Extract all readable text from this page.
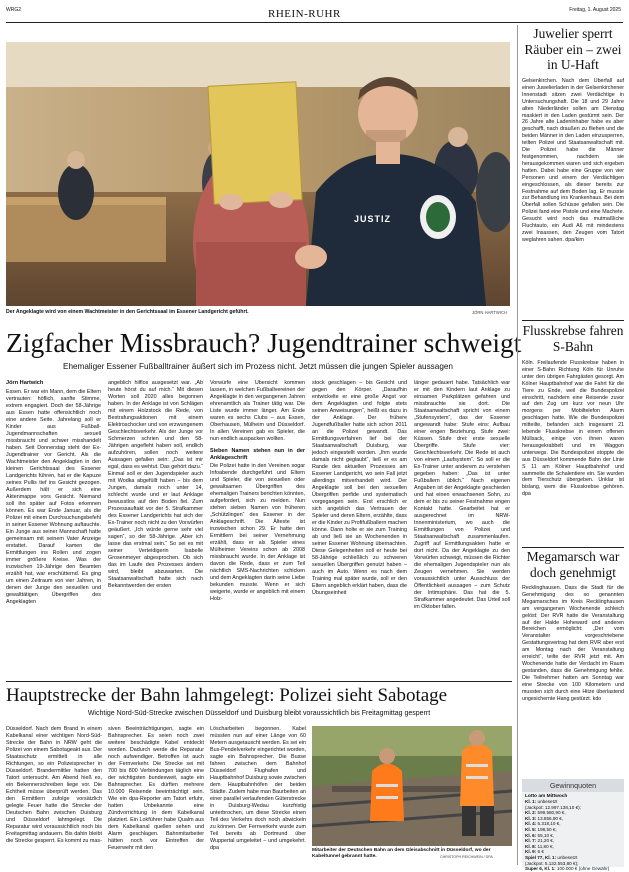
WRG2	RHEIN-RUHR	Freitag, 1. August 2025
JUSTIZ
Der Angeklagte wird von einem Wachtmeister in den Gerichtssaal im Essener Landgericht geführt.	JÖRN HARTWICH
Zigfacher Missbrauch? Jugendtrainer schweigt
Ehemaliger Essener Fußballtrainer äußert sich im Prozess nicht. Jetzt müssen die jungen Spieler aussagen
Jörn Hartwich
Essen. Er war ein Mann, dem die Eltern vertrauten: höflich, sanfte Stimme, extrem engagiert. Doch der 58-Jährige aus Essen hatte offensichtlich noch eine andere Seite. Jahrelang soll er Kinder aus Fußball-Jugendmannschaften sexuell missbraucht und schwer misshandelt haben. Seit Donnerstag steht der Ex-Jugendtrainer vor Gericht. Als die Wachtmeister den Angeklagten in den kleinen Gerichtssaal des Essener Landgerichts führen, hat er die Kapuze seines Pullis tief ins Gesicht gezogen. Außerdem hält er sich eine Aktenmappe vors Gesicht. Niemand soll ihn später auf Fotos erkennen können. Es war Ende Januar, als die Polizei mit einem Durchsuchungsbefehl in seiner Essener Wohnung auftauchte. Ein Junge aus seiner Mannschaft hatte gemeinsam mit seinem Vater Anzeige erstattet. Darauf kamen die Ermittlungen ins Rollen und zogen immer größere Kreise. Was der inzwischen 19-Jährige den Beamten erzählt hat, war erschütternd. Es ging um einen Zeitraum von vier Jahren, in denen der Junge den sexuellen und gewalttätigen Übergriffen des Angeklagten
angeblich hilflos ausgesetzt war. „Ab heute hörst du auf mich.“ Mit diesen Worten soll 2020 alles begonnen haben. In der Anklage ist von Schlägen mit einem Holzstock die Rede, von Bestrafungsaktionen mit einem Elektroschocker und von erzwungenem Geschlechtsverkehr. Als der Junge vor Schmerzen schrien und den 58-Jährigen angefleht haben soll, endlich aufzuhören, sollen noch weitere Aussagen gefallen sein: „Das ist mir egal, dass es wehtut. Das gehört dazu.“ Einmal soll er den Jugendspieler auch mit Wodka abgefüllt haben – bis dem Jungen, damals noch unter 14, schlecht wurde und er laut Anklage bewusstlos auf den Boden fiel. Zum Prozessauftakt vor der 5. Strafkammer des Essener Landgerichts hat sich der Ex-Trainer noch nicht zu den Vorwürfen geäußert. „Ich würde gerne sehr viel sagen“, so der 58-Jährige. „Aber ich lasse das erstmal sein.“ So sei es mit seiner Verteidigerin Isabelle Grosenmeyer abgesprochen. Ob sich das im Laufe des Prozesses ändern wird, bleibt abzuwarten. Die Staatsanwaltschaft hatte sich nach Bekanntwerden der ersten
Vorwürfe eine Übersicht kommen lassen, in welchen Fußballvereinen der Angeklagte in den vergangenen Jahren ehrenamtlich als Trainer tätig war. Die Liste wurde immer länger. Am Ende waren es sechs Clubs – aus Essen, Oberhausen, Mülheim und Düsseldorf. In allen Vereinen gab es Spieler, die nun endlich auspacken wollten.
Sieben Namen stehen nun in der Anklageschrift
Die Polizei hatte in den Vereinen sogar Infoabende durchgeführt und Eltern und Spieler, die von sexuellen oder gewaltsamen Übergriffen des ehemaligen Trainers berichten könnten, aufgefordert, sich zu melden. Nun stehen sieben Namen von früheren „Schützlingen“ des Essener in der Anklageschrift. Die Älteste ist inzwischen schon 29. Er hatte den Ermittlern bei seiner Vernehmung erzählt, dass er als Spieler eines Mülheimer Vereins schon ab 2008 missbraucht wurde. In der Anklage ist davon die Rede, dass er zum Teil nächtlich SMS-Nachrichten schicken und dem Angeklagten darin seine Liebe bekunden musste. Wenn er sich weigerte, wurde er angeblich mit einem Holz-
stock geschlagen – bis Gesicht und gegen den Körper. „Daraufhin entwickelte er eine große Angst vor dem Angeklagten und folgte stets seinen Anweisungen“, heißt es dazu in der Anklage. Der frühere Jugendfußballer hatte sich schon 2011 an die Polizei gewandt. Das Ermittlungsverfahren lief bei der Staatsanwaltschaft Duisburg, war jedoch eingestellt worden. „Ihm wurde damals nicht geglaubt“, ließ er es am Rande des aktuellen Prozesses am Essener Landgericht, wo sein Fall jetzt allerdings mitverhandelt wird. Der Angeklagte soll bei den sexuellen Übergriffen perfide und systematisch vorgegangen sein. Erst erschlich er sich angeblich das Vertrauen der Spieler und deren Eltern, erzählte, dass er die Kinder zu Profifußballern machen könne. Dann holte er sie zum Training ab und ließ sie an Wochenenden in seiner Essener Wohnung übernachten. Diese Gelegenheiten soll er heute bei 58-Jährige schließlich zu schweren sexuellen Übergriffen genutzt haben – auch im Auto. Wenn es nach dem Training mal später wurde, soll er den Eltern angeblich erklärt haben, dass die Übungseinheit
länger gedauert habe. Tatsächlich war er mit den Kindern laut Anklage zu einsamen Parkplätzen gefahren und missbrauchte sie dort. Die Staatsanwaltschaft spricht von einem „Stufensystem“, das der Essener angewandt habe: Stufe eins: Aufbau einer engen Beziehung. Stufe zwei: Küssen. Stufe drei: erste sexuelle Übergriffe. Stufe vier: Geschlechtsverkehr. Die Rede ist auch von einem „Laufsystem“. So soll er die Ex-Trainer unter anderem zu verstehen gegeben haben: „Das ist unter Fußballern üblich.“ Nach eigenen Angaben ist der Angeklagte geschieden und hat einen erwachsenen Sohn, zu dem er bis zu seiner Festnahme engen Kontakt hatte. Gearbeitet hat er ausgerechnet im NRW-Innenministerium, wo auch die Ermittlungen von Polizei und Staatsanwaltschaft zusammenlaufen. Zugriff auf Ermittlungsakten hatte er dort nicht. Da der Angeklagte zu den Vorwürfen schweigt, müssen die Richter die ehemaligen Jugendspieler nun als Zeugen vernehmen. Sie werden voraussichtlich unter Ausschluss der Öffentlichkeit aussagen – zum Schutz der Intimsphäre. Das hat die 5. Strafkammer angedeutet. Das Urteil soll im Oktober fallen.
Juwelier sperrt Räuber ein – zwei in U-Haft
Gelsenkirchen. Nach dem Überfall auf einen Juwelierladen in der Gelsenkirchener Innenstadt sitzen zwei Verdächtige in Untersuchungshaft. Die 18 und 29 Jahre alten Niederländer sollen am Dienstag maskiert in den Laden gestürmt sein. Der 26 Jahre alte Ladeninhaber habe es aber geschafft, nach draußen zu fliehen und die beiden Männer in den Laden einzusperren, teilten Polizei und Staatsanwaltschaft mit. Die Polizei habe die Männer festgenommen, nachdem sie herausgekommen waren und sich ergeben hatten. Dabei habe eine Gruppe von vier Personen und einem der Verdächtigen eingeschlossen, als dieser bereits zur Festnahme auf dem Boden lag. Er musste zur Behandlung ins Krankenhaus. Bei dem Überfall sollen Schüsse gefallen sein. Die Polizei fand eine Pistole und eine Machete. Gesucht wird noch das mutmaßliche Fluchtauto, ein Audi A6 mit mindestens zwei Insassen, den Zeugen vom Tatort weglahren sahen. dpa/kim
Flusskrebse fahren S-Bahn
Köln. Freilaufende Flusskrebse haben in einer S-Bahn Richtung Köln für Unruhe unter den übrigen Fahrgästen gesorgt. Am Kölner Hauptbahnhof war die Fahrt für die Tiere zu Ende, weil die Bundespolizei einschritt, nachdem eine Reisende zuvor auf den Zug um kurz vor neun Uhr morgens per Mobiltelefon Alarm geschlagen hatte. Wie die Bundespolizei mitteilte, befanden sich insgesamt 21 lebende Flusskrebse in einem offenen Müllsack, einige von ihnen waren herausgekrabbelt und im Waggon unterwegs. Die Bundespolizei stoppte die aus Düsseldorf kommende Bahn der Linie S 11 am Kölner Hauptbahnhof und sammelte die Schalentiere ein. Sie wurden dem Tierschutz übergeben. Unklar ist bislang, wem die Flusskrebse gehören. dpa
Megamarsch war doch genehmigt
Recklinghausen. Dass die Stadt für die Genehmigung des so genannten Megamarsches im Kreis Recklinghausen am vergangenen Wochenende schleich gelöst: Der RVR hatte die Veranstaltung auf der Halde Hoheward und anderen Bereichen ermöglicht: „Der vom Veranstalter vorgeschriebene Gestattungsvertrag hat dem RVR aber erst am Montag nach der Veranstaltung erreicht“, teilte der RVR jetzt mit. Am Wochenende hatte der Verdacht im Raum gestanden, dass die Genehmigung fehlte. Die Teilnehmer hatten am Sonntag war eine Strecke von 100 Kilometern und mussten sich durch eine Hitze überlastend ungesichernte Hang gestürzt. kdo
Gewinnquoten
Lotto am Mittwoch
Kl. 1: unbesetzt
(Jackpot: 12.997.138,10 €);
Kl. 2: 599.580,90 €,
Kl. 3: 13.856,90 €,
Kl. 4: 5.318,10 €,
Kl. 5: 198,50 €,
Kl. 6: 55,10 €,
Kl. 7: 21,20 €,
Kl. 8: 11,80 €,
Kl. 9: 6 €
Spiel 77, Kl. 1: unbesetzt
(Jackpot: 5.132.553,80 €);
Super 6, Kl. 1: 100.000 € (ohne Gewähr)
Hauptstrecke der Bahn lahmgelegt: Polizei sieht Sabotage
Wichtige Nord-Süd-Strecke zwischen Düsseldorf und Duisburg bleibt voraussichtlich bis Freitagmittag gesperrt
Düsseldorf. Nach dem Brand in einem Kabelkanal einer wichtigen Nord-Süd-Strecke der Bahn in NRW geht die Polizei von einem Sabotageakt aus. Der Staatsschutz ermittelt in alle Richtungen, so ein Polizeisprecher in Düsseldorf. Brandermittler hatten den Tatort untersucht. Am Abend hieß es, ein Bekennerschreiben liege vor. Die Echtheit müsse überprüft werden. Das den Ermittlern zufolge vorsätzlich gelegte Feuer hatte die Strecke der Deutschen Bahn zwischen Duisburg und Düsseldorf lahmgelegt. Die Reparatur wird voraussichtlich noch bis Freitagmittag andauern. Bis dahin bleibt die Strecke gesperrt. Es kommt zu mas-
siven Beeinträchtigungen, sagte ein Bahnsprecher. Es seien noch zwei weitere beschädigte Kabel entdeckt worden. Dadurch werde die Reparatur noch aufwendiger. Betroffen ist auch der Fernverkehr. Die Strecke sei mit 700 bis 800 Verbindungen täglich eine der wichtigsten bundesweit, sagte ein Bahnsprecher. Es dürften mehrere 10.000 Reisende beeinträchtigt sein. Wie ein dpa-Reporter am Tatort erfuhr, hatten Unbekannte eine Zündvorrichtung in dem Kabelkanal platziert. Ein Lokführer habe Qualm aus dem Kabelkanal quellen sehen und Alarm geschlagen. Bahnmitarbeiter hätten noch vor Eintreffen der Feuerwehr mit den
Löscharbeiten begonnen. Kabel müssten nun auf einer Länge von 60 Metern ausgetauscht werden. Es sei ein Bus-Pendelverkehr eingerichtet worden, sagte ein Bahnsprecher. Die Busse fahren zwischen dem Bahnhof Düsseldorf Flughafen und Hauptbahnhof Duisburg sowie zwischen dem Hauptbahnhöfen der beiden Städte. Zudem habe man Baurbeiten an einer parallel verlaufenden Güterstrecke in Duisburg-Wedau kurzfristig unterbrochen, um diese Strecke einen Teil des Verkehrs doch noch abwickeln zu können. Der Fernverkehr wurde zum Teil bereits ab Dortmund über Wuppertal umgeleitet – und umgekehrt. dpa	Mitarbeiter der Deutschen Bahn an dem Gleisabschnitt in Düsseldorf, wo der Kabeltunnel gebrannt hatte.	CHRISTOPH REICHWEIN / DPA
